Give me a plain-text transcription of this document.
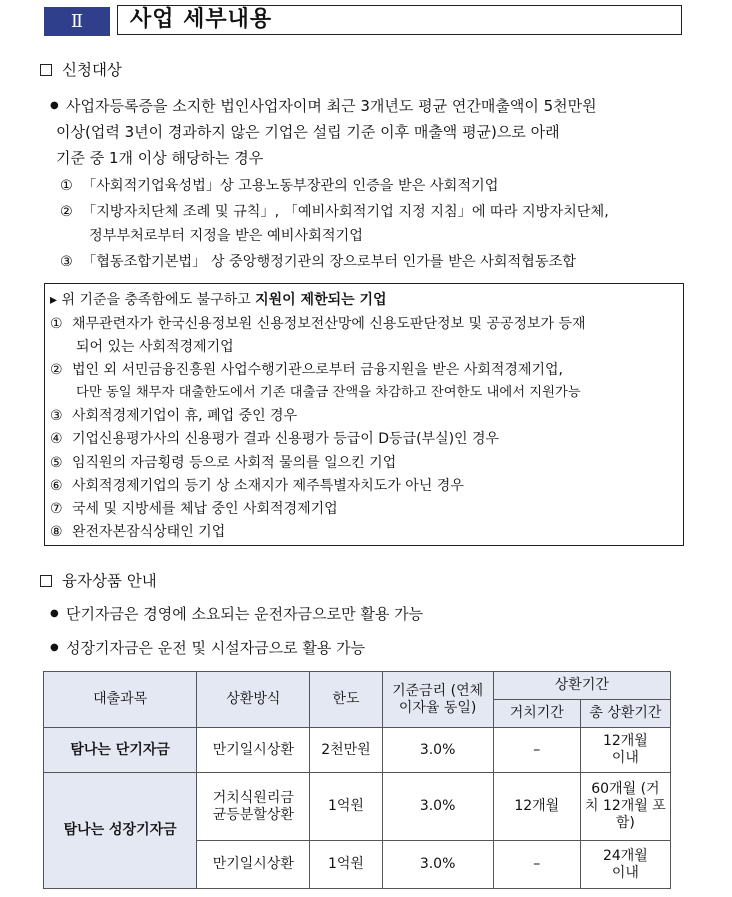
Ⅱ	사업 세부내용
신청대상
● 사업자등록증을 소지한 법인사업자이며 최근 3개년도 평균 연간매출액이 5천만원
이상(업력 3년이 경과하지 않은 기업은 설립 기준 이후 매출액 평균)으로 아래
기준 중 1개 이상 해당하는 경우
① 「사회적기업육성법」상 고용노동부장관의 인증을 받은 사회적기업
② 「지방자치단체 조례 및 규칙」, 「예비사회적기업 지정 지침」에 따라 지방자치단체,
정부부처로부터 지정을 받은 예비사회적기업
③ 「협동조합기본법」 상 중앙행정기관의 장으로부터 인가를 받은 사회적협동조합
▸ 위 기준을 충족함에도 불구하고 지원이 제한되는 기업
① 채무관련자가 한국신용정보원 신용정보전산망에 신용도판단정보 및 공공정보가 등재
되어 있는 사회적경제기업
② 법인 외 서민금융진흥원 사업수행기관으로부터 금융지원을 받은 사회적경제기업,
다만 동일 채무자 대출한도에서 기존 대출금 잔액을 차감하고 잔여한도 내에서 지원가능
③ 사회적경제기업이 휴, 폐업 중인 경우
④ 기업신용평가사의 신용평가 결과 신용평가 등급이 D등급(부실)인 경우
⑤ 임직원의 자금횡령 등으로 사회적 물의를 일으킨 기업
⑥ 사회적경제기업의 등기 상 소재지가 제주특별자치도가 아닌 경우
⑦ 국세 및 지방세를 체납 중인 사회적경제기업
⑧ 완전자본잠식상태인 기업
융자상품 안내
● 단기자금은 경영에 소요되는 운전자금으로만 활용 가능
● 성장기자금은 운전 및 시설자금으로 활용 가능
대출과목	상환방식	한도	기준금리 (연체이자율 동일)	상환기간	
				거치기간	총 상환기간
탐나는 단기자금	만기일시상환	2천만원	3.0%	–	12개월 이내
탐나는 성장기자금	거치식원리금 균등분할상환	1억원	3.0%	12개월	60개월 (거치 12개월 포함)
	만기일시상환	1억원	3.0%	–	24개월 이내
